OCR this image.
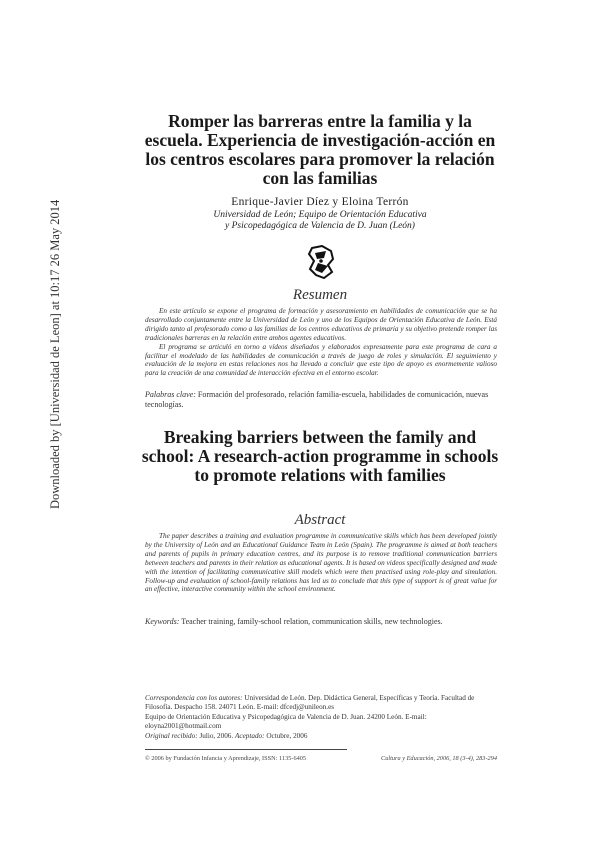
Downloaded by [Universidad de Leon] at 10:17 26 May 2014
Romper las barreras entre la familia y la escuela. Experiencia de investigación-acción en los centros escolares para promover la relación con las familias
Enrique-Javier Díez y Eloina Terrón
Universidad de León; Equipo de Orientación Educativa
y Psicopedagógica de Valencia de D. Juan (León)
Resumen

En este artículo se expone el programa de formación y asesoramiento en habilidades de comunicación que se ha desarrollado conjuntamente entre la Universidad de León y uno de los Equipos de Orientación Educativa de León. Está dirigido tanto al profesorado como a las familias de los centros educativos de primaria y su objetivo pretende romper las tradicionales barreras en la relación entre ambos agentes educativos.

El programa se articuló en torno a vídeos diseñados y elaborados expresamente para este programa de cara a facilitar el modelado de las habilidades de comunicación a través de juego de roles y simulación. El seguimiento y evaluación de la mejora en estas relaciones nos ha llevado a concluir que este tipo de apoyo es enormemente valioso para la creación de una comunidad de interacción efectiva en el entorno escolar.

Palabras clave: Formación del profesorado, relación familia-escuela, habilidades de comunicación, nuevas tecnologías.
Breaking barriers between the family and school: A research-action programme in schools to promote relations with families
Abstract

The paper describes a training and evaluation programme in communicative skills which has been developed jointly by the University of León and an Educational Guidance Team in León (Spain). The programme is aimed at both teachers and parents of pupils in primary education centres, and its purpose is to remove traditional communication barriers between teachers and parents in their relation as educational agents. It is based on videos specifically designed and made with the intention of facilitating communicative skill models which were then practised using role-play and simulation. Follow-up and evaluation of school-family relations has led us to conclude that this type of support is of great value for an effective, interactive community within the school environment.

Keywords: Teacher training, family-school relation, communication skills, new technologies.
Correspondencia con los autores: Universidad de León. Dep. Didáctica General, Específicas y Teoría. Facultad de Filosofía. Despacho 158. 24071 León. E-mail: dfcedj@unileon.es
Equipo de Orientación Educativa y Psicopedagógica de Valencia de D. Juan. 24200 León. E-mail: eloyna2001@hotmail.com
Original recibido: Julio, 2006. Aceptado: Octubre, 2006
© 2006 by Fundación Infancia y Aprendizaje, ISSN: 1135-6405	Cultura y Educación, 2006, 18 (3-4), 283-294
